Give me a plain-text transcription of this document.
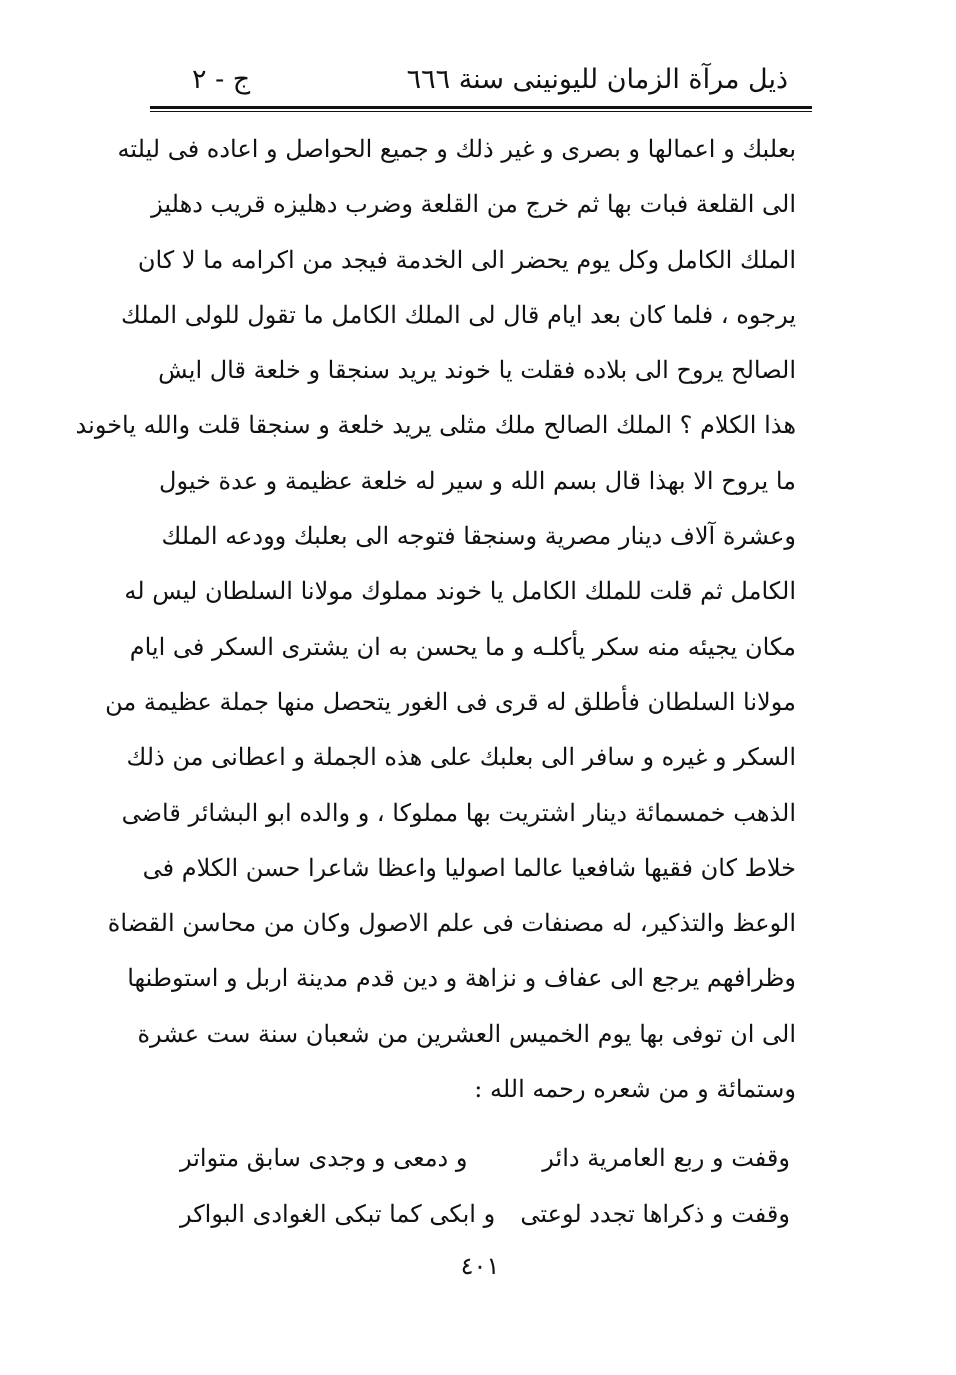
ذيل مرآة الزمان لليونينى سنة ٦٦٦
ج - ٢
بعلبك و اعمالها و بصرى و غير ذلك و جميع الحواصل و اعاده فى ليلته
الى القلعة فبات بها ثم خرج من القلعة وضرب دهليزه قريب دهليز
الملك الكامل وكل يوم يحضر الى الخدمة فيجد من اكرامه ما لا كان
يرجوه ، فلما كان بعد ايام قال لى الملك الكامل ما تقول للولى الملك
الصالح يروح الى بلاده فقلت يا خوند يريد سنجقا و خلعة قال ايش
هذا الكلام ؟ الملك الصالح ملك مثلى يريد خلعة و سنجقا قلت والله ياخوند
ما يروح الا بهذا قال بسم الله و سير له خلعة عظيمة و عدة خيول
وعشرة آلاف دينار مصرية وسنجقا فتوجه الى بعلبك وودعه الملك
الكامل ثم قلت للملك الكامل يا خوند مملوك مولانا السلطان ليس له
مكان يجيئه منه سكر يأكلـه و ما يحسن به ان يشترى السكر فى ايام
مولانا السلطان فأطلق له قرى فى الغور يتحصل منها جملة عظيمة من
السكر و غيره و سافر الى بعلبك على هذه الجملة و اعطانى من ذلك
الذهب خمسمائة دينار اشتريت بها مملوكا ، و والده ابو البشائر قاضى
خلاط كان فقيها شافعيا عالما اصوليا واعظا شاعرا حسن الكلام فى
الوعظ والتذكير، له مصنفات فى علم الاصول وكان من محاسن القضاة
وظرافهم يرجع الى عفاف و نزاهة و دين قدم مدينة اربل و استوطنها
الى ان توفى بها يوم الخميس العشرين من شعبان سنة ست عشرة
وستمائة و من شعره رحمه الله :
وقفت و ربع العامرية دائر
و دمعى و وجدى سابق متواتر
وقفت و ذكراها تجدد لوعتى
و ابكى كما تبكى الغوادى البواكر
٤٠١
